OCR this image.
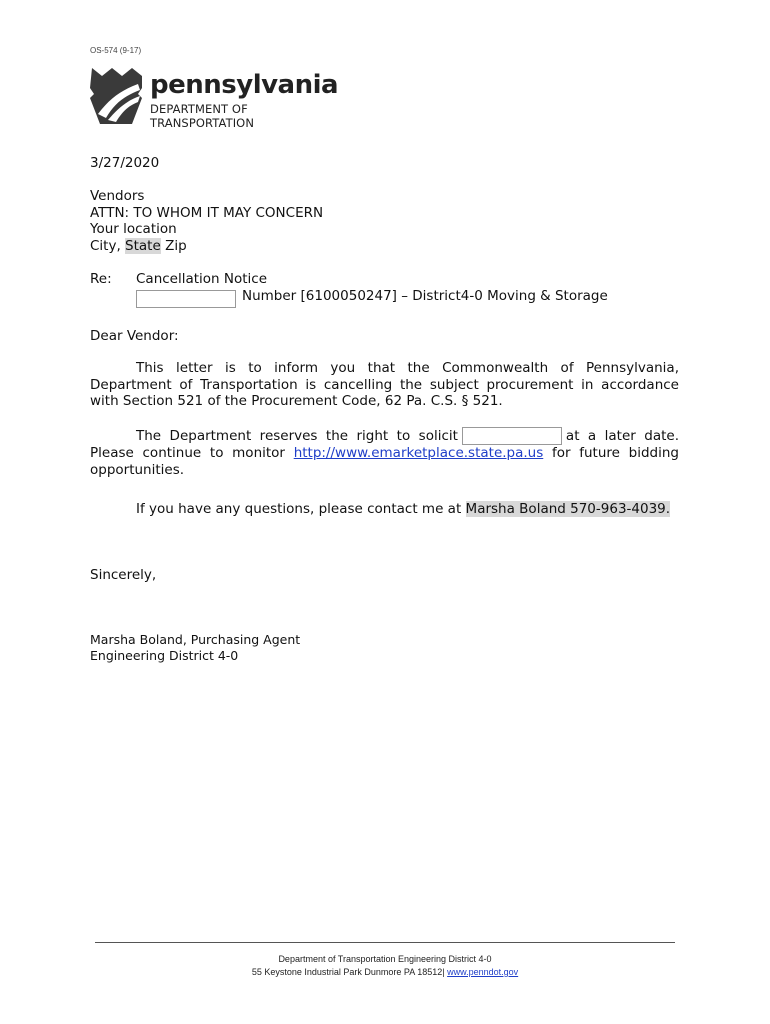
OS-574 (9-17)
pennsylvania
DEPARTMENT OF TRANSPORTATION
3/27/2020
Vendors
ATTN: TO WHOM IT MAY CONCERN
Your location
City, State Zip
Re: Cancellation Notice
Number [6100050247] – District4-0 Moving & Storage
Dear Vendor:
This letter is to inform you that the Commonwealth of Pennsylvania, Department of Transportation is cancelling the subject procurement in accordance with Section 521 of the Procurement Code, 62 Pa. C.S. § 521.
The Department reserves the right to solicit	at a later date. Please continue to monitor http://www.emarketplace.state.pa.us for future bidding opportunities.
If you have any questions, please contact me at Marsha Boland 570-963-4039.
Sincerely,
Marsha Boland, Purchasing Agent
Engineering District 4-0
Department of Transportation Engineering District 4-0
55 Keystone Industrial Park Dunmore PA 18512| www.penndot.gov
